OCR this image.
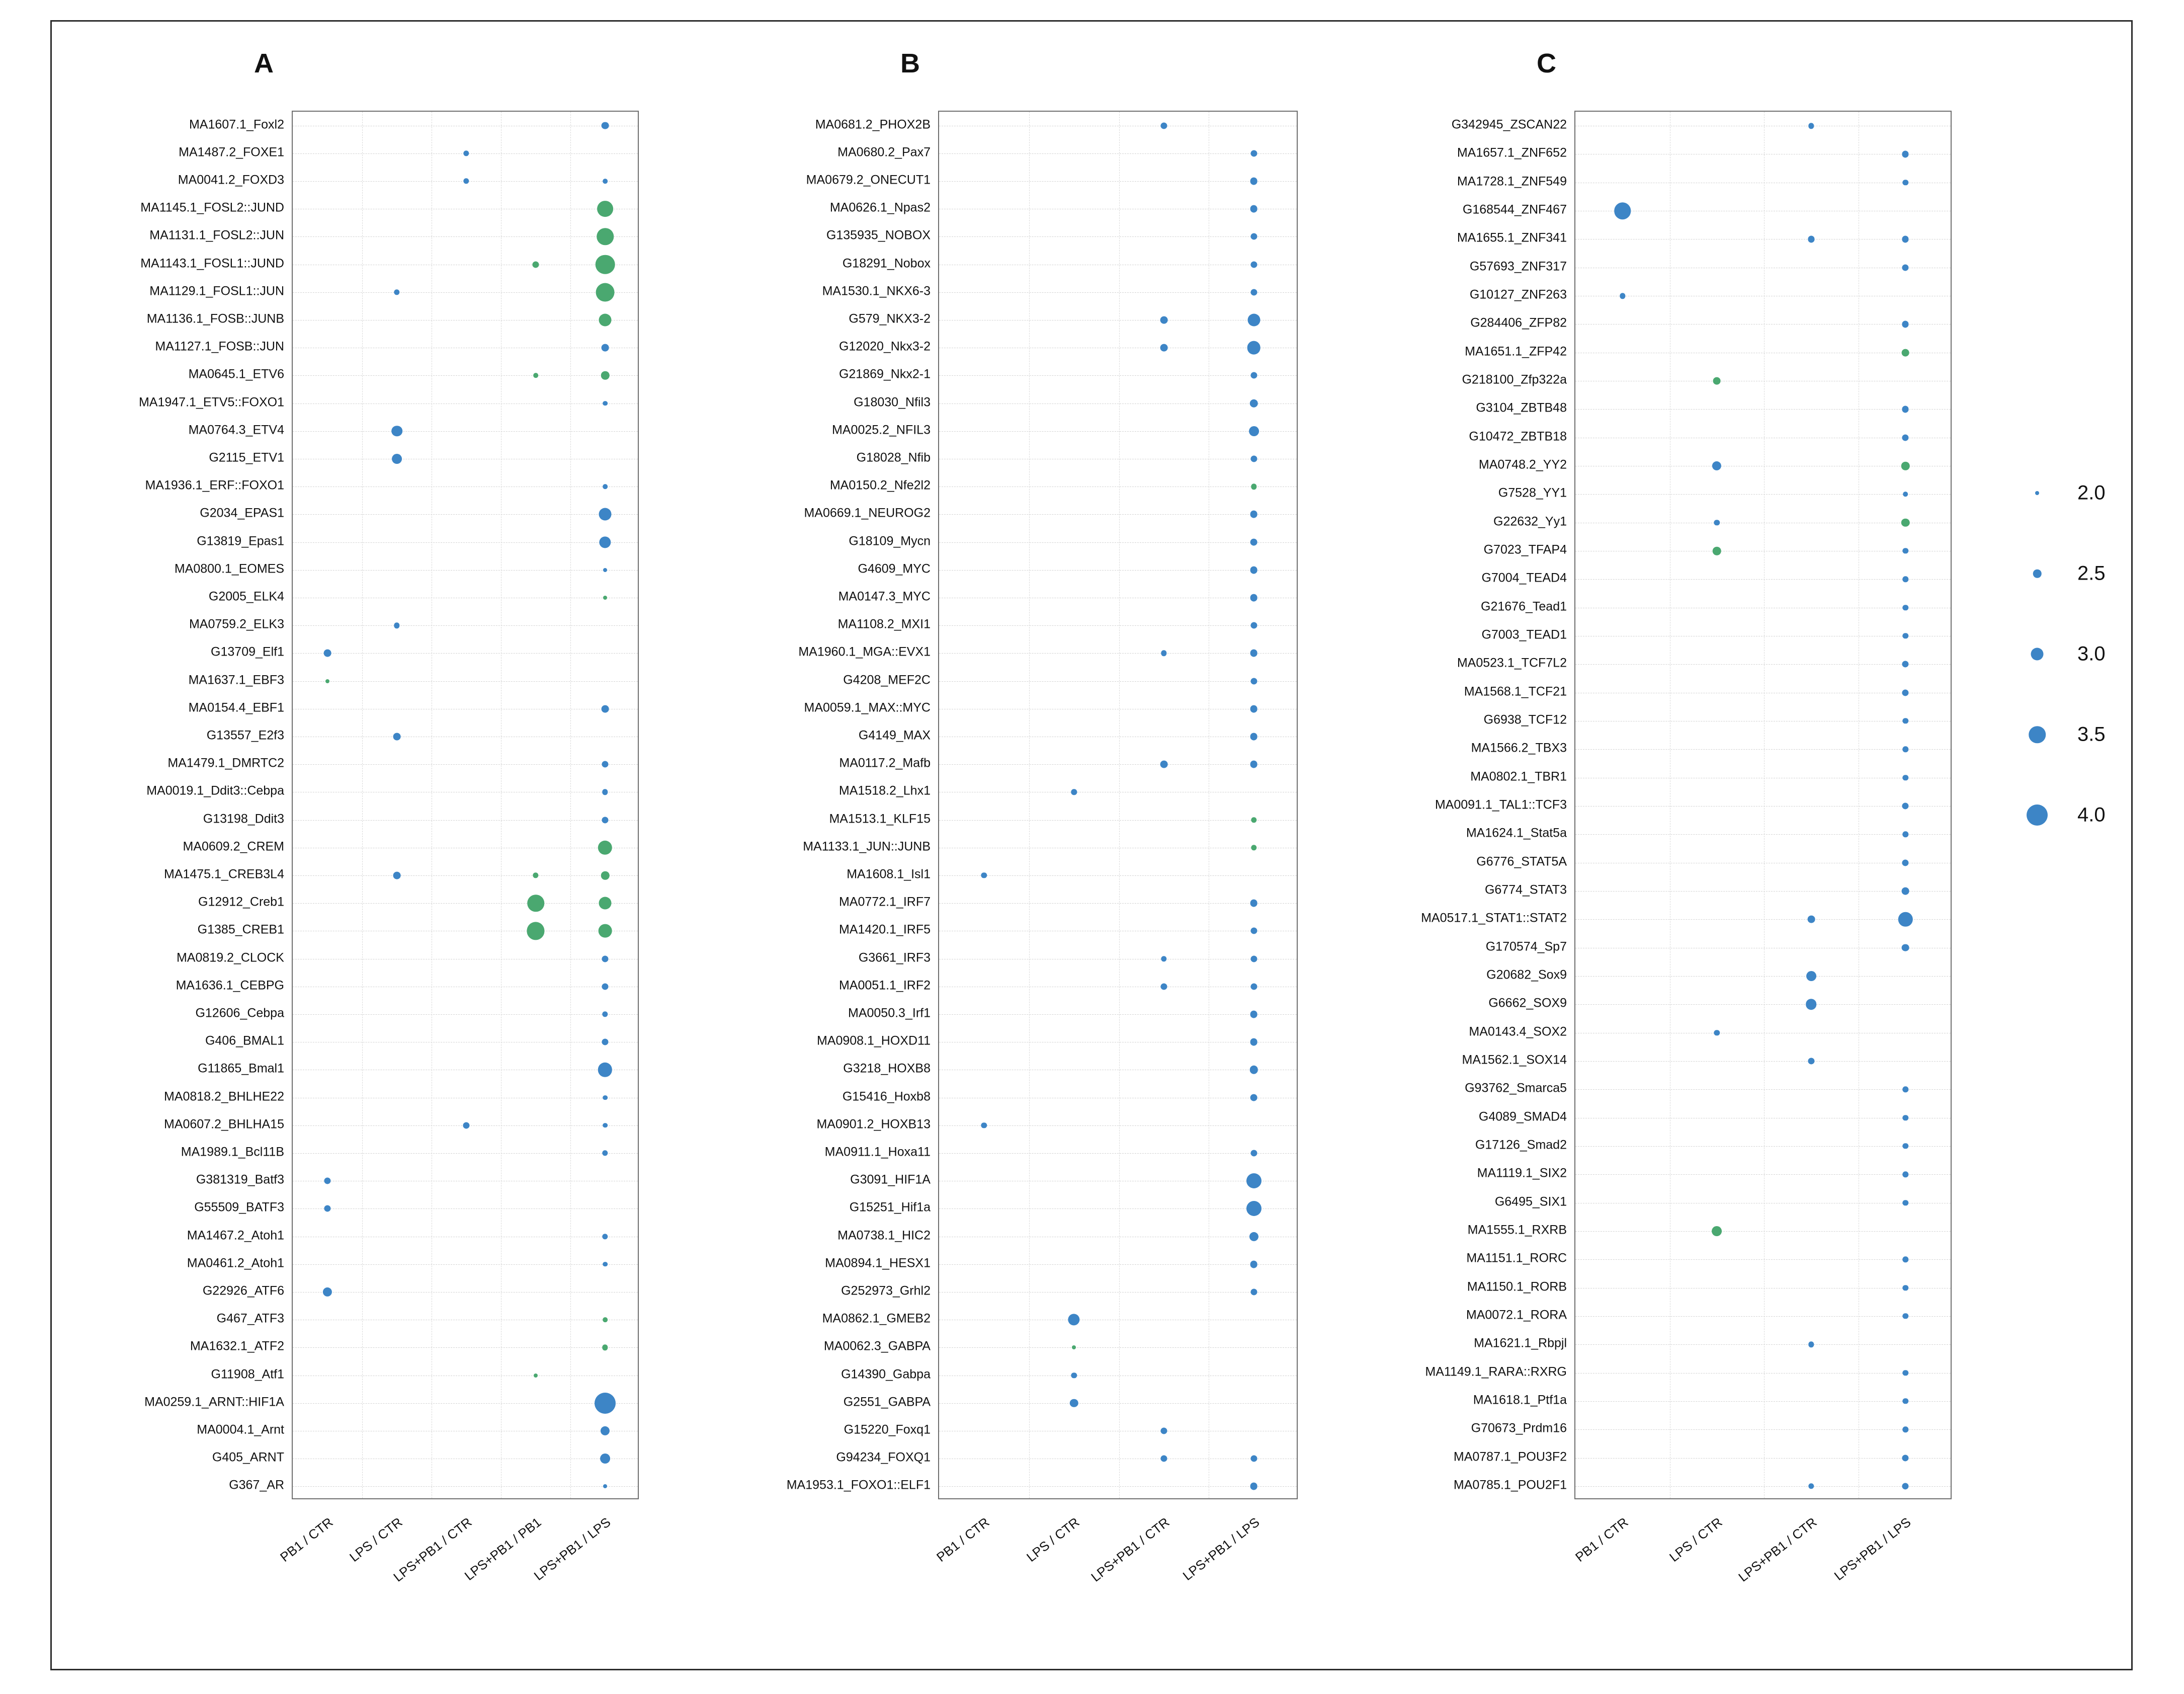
A
MA1607.1_Foxl2
MA1487.2_FOXE1
MA0041.2_FOXD3
MA1145.1_FOSL2::JUND
MA1131.1_FOSL2::JUN
MA1143.1_FOSL1::JUND
MA1129.1_FOSL1::JUN
MA1136.1_FOSB::JUNB
MA1127.1_FOSB::JUN
MA0645.1_ETV6
MA1947.1_ETV5::FOXO1
MA0764.3_ETV4
G2115_ETV1
MA1936.1_ERF::FOXO1
G2034_EPAS1
G13819_Epas1
MA0800.1_EOMES
G2005_ELK4
MA0759.2_ELK3
G13709_Elf1
MA1637.1_EBF3
MA0154.4_EBF1
G13557_E2f3
MA1479.1_DMRTC2
MA0019.1_Ddit3::Cebpa
G13198_Ddit3
MA0609.2_CREM
MA1475.1_CREB3L4
G12912_Creb1
G1385_CREB1
MA0819.2_CLOCK
MA1636.1_CEBPG
G12606_Cebpa
G406_BMAL1
G11865_Bmal1
MA0818.2_BHLHE22
MA0607.2_BHLHA15
MA1989.1_Bcl11B
G381319_Batf3
G55509_BATF3
MA1467.2_Atoh1
MA0461.2_Atoh1
G22926_ATF6
G467_ATF3
MA1632.1_ATF2
G11908_Atf1
MA0259.1_ARNT::HIF1A
MA0004.1_Arnt
G405_ARNT
G367_AR
PB1 / CTR LPS / CTR
LPS+PB1 / CTR
LPS+PB1 / PB1
LPS+PB1 / LPS
B
MA0681.2_PHOX2B
MA0680.2_Pax7
MA0679.2_ONECUT1
MA0626.1_Npas2
G135935_NOBOX
G18291_Nobox
MA1530.1_NKX6-3
G579_NKX3-2
G12020_Nkx3-2
G21869_Nkx2-1
G18030_Nfil3
MA0025.2_NFIL3
G18028_Nfib
MA0150.2_Nfe2l2
MA0669.1_NEUROG2
G18109_Mycn
G4609_MYC
MA0147.3_MYC
MA1108.2_MXI1
MA1960.1_MGA::EVX1
G4208_MEF2C
MA0059.1_MAX::MYC
G4149_MAX
MA0117.2_Mafb
MA1518.2_Lhx1
MA1513.1_KLF15
MA1133.1_JUN::JUNB
MA1608.1_Isl1
MA0772.1_IRF7
MA1420.1_IRF5
G3661_IRF3
MA0051.1_IRF2
MA0050.3_Irf1
MA0908.1_HOXD11
G3218_HOXB8
G15416_Hoxb8
MA0901.2_HOXB13
MA0911.1_Hoxa11
G3091_HIF1A
G15251_Hif1a
MA0738.1_HIC2
MA0894.1_HESX1
G252973_Grhl2
MA0862.1_GMEB2
MA0062.3_GABPA
G14390_Gabpa
G2551_GABPA
G15220_Foxq1
G94234_FOXQ1
MA1953.1_FOXO1::ELF1
PB1 / CTR	LPS / CTR LPS+PB1 / CTR LPS+PB1 / LPS
C
G342945_ZSCAN22
MA1657.1_ZNF652
MA1728.1_ZNF549
G168544_ZNF467
MA1655.1_ZNF341
G57693_ZNF317
G10127_ZNF263
G284406_ZFP82
MA1651.1_ZFP42
G218100_Zfp322a
G3104_ZBTB48
G10472_ZBTB18
MA0748.2_YY2
G7528_YY1
G22632_Yy1
G7023_TFAP4
G7004_TEAD4
G21676_Tead1
G7003_TEAD1
MA0523.1_TCF7L2
MA1568.1_TCF21
G6938_TCF12
MA1566.2_TBX3
MA0802.1_TBR1
MA0091.1_TAL1::TCF3
MA1624.1_Stat5a
G6776_STAT5A
G6774_STAT3
MA0517.1_STAT1::STAT2
G170574_Sp7
G20682_Sox9
G6662_SOX9
MA0143.4_SOX2
MA1562.1_SOX14
G93762_Smarca5
G4089_SMAD4
G17126_Smad2
MA1119.1_SIX2
G6495_SIX1
MA1555.1_RXRB
MA1151.1_RORC
MA1150.1_RORB
MA0072.1_RORA
MA1621.1_Rbpjl
MA1149.1_RARA::RXRG
MA1618.1_Ptf1a
G70673_Prdm16
MA0787.1_POU3F2
MA0785.1_POU2F1
PB1 / CTR	LPS / CTR LPS+PB1 / CTR LPS+PB1 / LPS
2.0
2.5
3.0
3.5
4.0
